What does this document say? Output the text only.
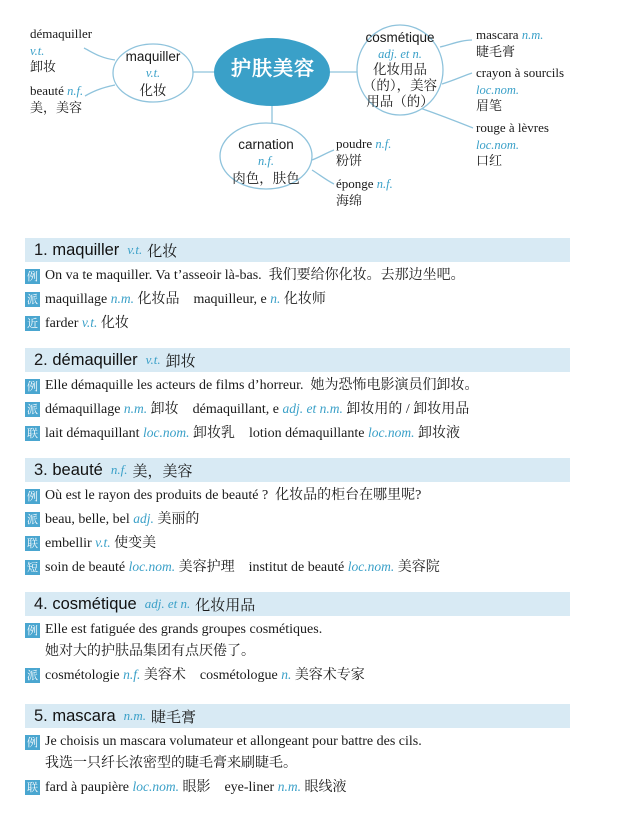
护肤美容
maquiller
v.t.
化妆
cosmétique
adj. et n.
化妆用品
（的），美容
用品（的）
carnation
n.f.
肉色，肤色
démaquiller
v.t.
卸妆
beauté n.f.
美，美容
mascara n.m.
睫毛膏
crayon à sourcils
loc.nom.
眉笔
rouge à lèvres
loc.nom.
口红
poudre n.f.
粉饼
éponge n.f.
海绵
1.
maquiller v.t. 化妆
例 On va te maquiller. Va t’asseoir là-bas. 我们要给你化妆。去那边坐吧。
派 maquillage n.m. 化妆品 maquilleur, e n. 化妆师
近 farder v.t. 化妆
2.
démaquiller v.t. 卸妆
例 Elle démaquille les acteurs de films d’horreur. 她为恐怖电影演员们卸妆。
派 démaquillage n.m. 卸妆 démaquillant, e adj. et n.m. 卸妆用的 / 卸妆用品
联 lait démaquillant loc.nom. 卸妆乳 lotion démaquillante loc.nom. 卸妆液
3.
beauté n.f. 美，美容
例 Où est le rayon des produits de beauté ? 化妆品的柜台在哪里呢?
派 beau, belle, bel adj. 美丽的
联 embellir v.t. 使变美
短 soin de beauté loc.nom. 美容护理 institut de beauté loc.nom. 美容院
4.
cosmétique adj. et n. 化妆用品
例 Elle est fatiguée des grands groupes cosmétiques.
她对大的护肤品集团有点厌倦了。
派 cosmétologie n.f. 美容术 cosmétologue n. 美容术专家
5.
mascara n.m. 睫毛膏
例 Je choisis un mascara volumateur et allongeant pour battre des cils.
我选一只纤长浓密型的睫毛膏来刷睫毛。
联 fard à paupière loc.nom. 眼影 eye-liner n.m. 眼线液
